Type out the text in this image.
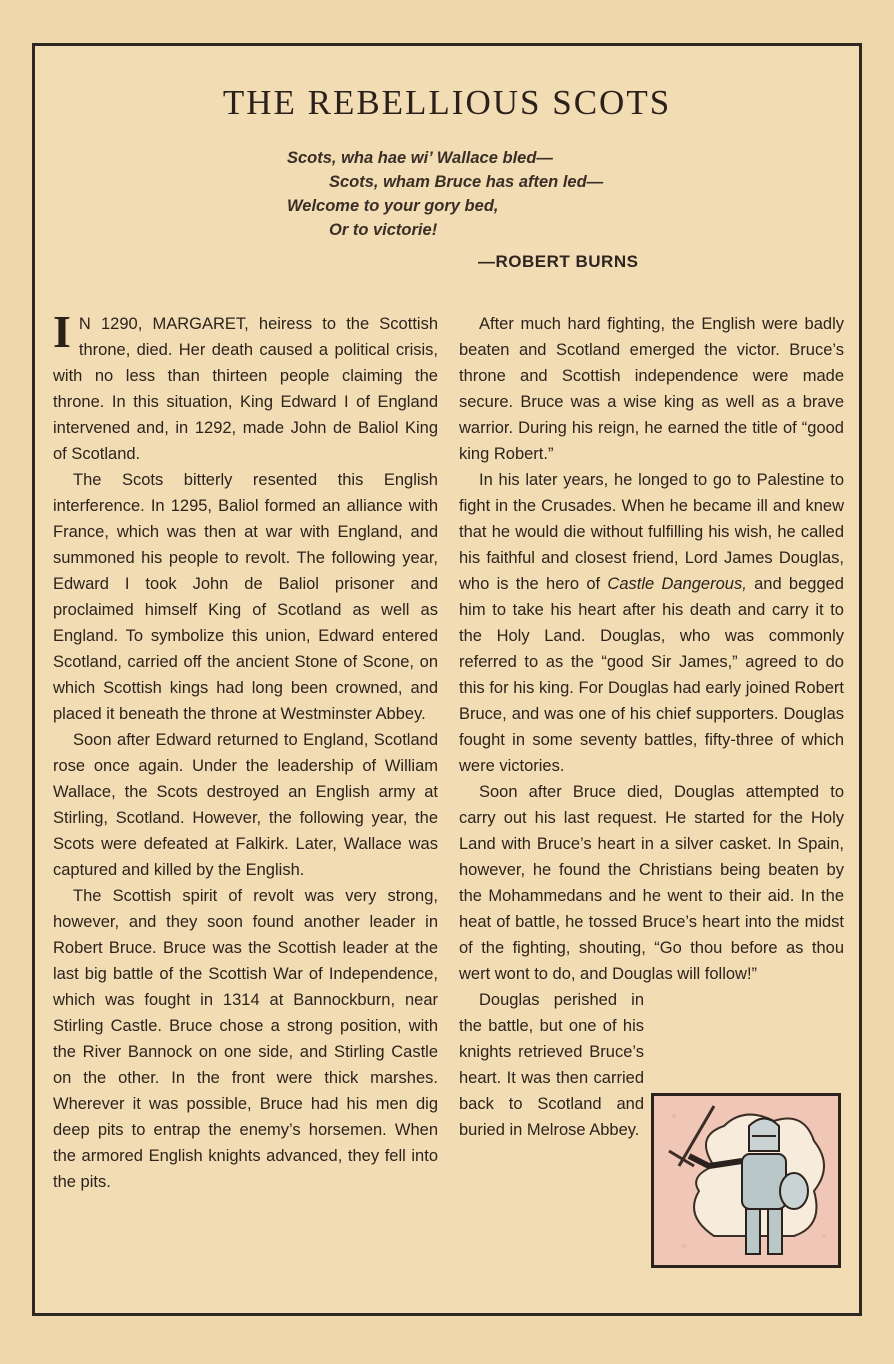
THE REBELLIOUS SCOTS
Scots, wha hae wi’ Wallace bled—
Scots, wham Bruce has aften led—
Welcome to your gory bed,
Or to victorie!
—ROBERT BURNS

I N 1290, MARGARET, heiress to the Scottish throne, died. Her death caused a political crisis, with no less than thirteen people claiming the throne. In this situation, King Edward I of England intervened and, in 1292, made John de Baliol King of Scotland.

The Scots bitterly resented this English interference. In 1295, Baliol formed an alliance with France, which was then at war with England, and summoned his people to revolt. The following year, Edward I took John de Baliol prisoner and proclaimed himself King of Scotland as well as England. To symbolize this union, Edward entered Scotland, carried off the ancient Stone of Scone, on which Scottish kings had long been crowned, and placed it beneath the throne at Westminster Abbey.

Soon after Edward returned to England, Scotland rose once again. Under the leadership of William Wallace, the Scots destroyed an English army at Stirling, Scotland. However, the following year, the Scots were defeated at Falkirk. Later, Wallace was captured and killed by the English.

The Scottish spirit of revolt was very strong, however, and they soon found another leader in Robert Bruce. Bruce was the Scottish leader at the last big battle of the Scottish War of Independence, which was fought in 1314 at Bannockburn, near Stirling Castle. Bruce chose a strong position, with the River Bannock on one side, and Stirling Castle on the other. In the front were thick marshes. Wherever it was possible, Bruce had his men dig deep pits to entrap the enemy’s horsemen. When the armored English knights advanced, they fell into the pits.

After much hard fighting, the English were badly beaten and Scotland emerged the victor. Bruce’s throne and Scottish independence were made secure. Bruce was a wise king as well as a brave warrior. During his reign, he earned the title of “good king Robert.”

In his later years, he longed to go to Palestine to fight in the Crusades. When he became ill and knew that he would die without fulfilling his wish, he called his faithful and closest friend, Lord James Douglas, who is the hero of Castle Dangerous, and begged him to take his heart after his death and carry it to the Holy Land. Douglas, who was commonly referred to as the “good Sir James,” agreed to do this for his king. For Douglas had early joined Robert Bruce, and was one of his chief supporters. Douglas fought in some seventy battles, fifty-three of which were victories.

Soon after Bruce died, Douglas attempted to carry out his last request. He started for the Holy Land with Bruce’s heart in a silver casket. In Spain, however, he found the Christians being beaten by the Mohammedans and he went to their aid. In the heat of battle, he tossed Bruce’s heart into the midst of the fighting, shouting, “Go thou before as thou wert wont to do, and Douglas will follow!”

Douglas perished in the battle, but one of his knights retrieved Bruce’s heart. It was then carried back to Scotland and buried in Melrose Abbey.
